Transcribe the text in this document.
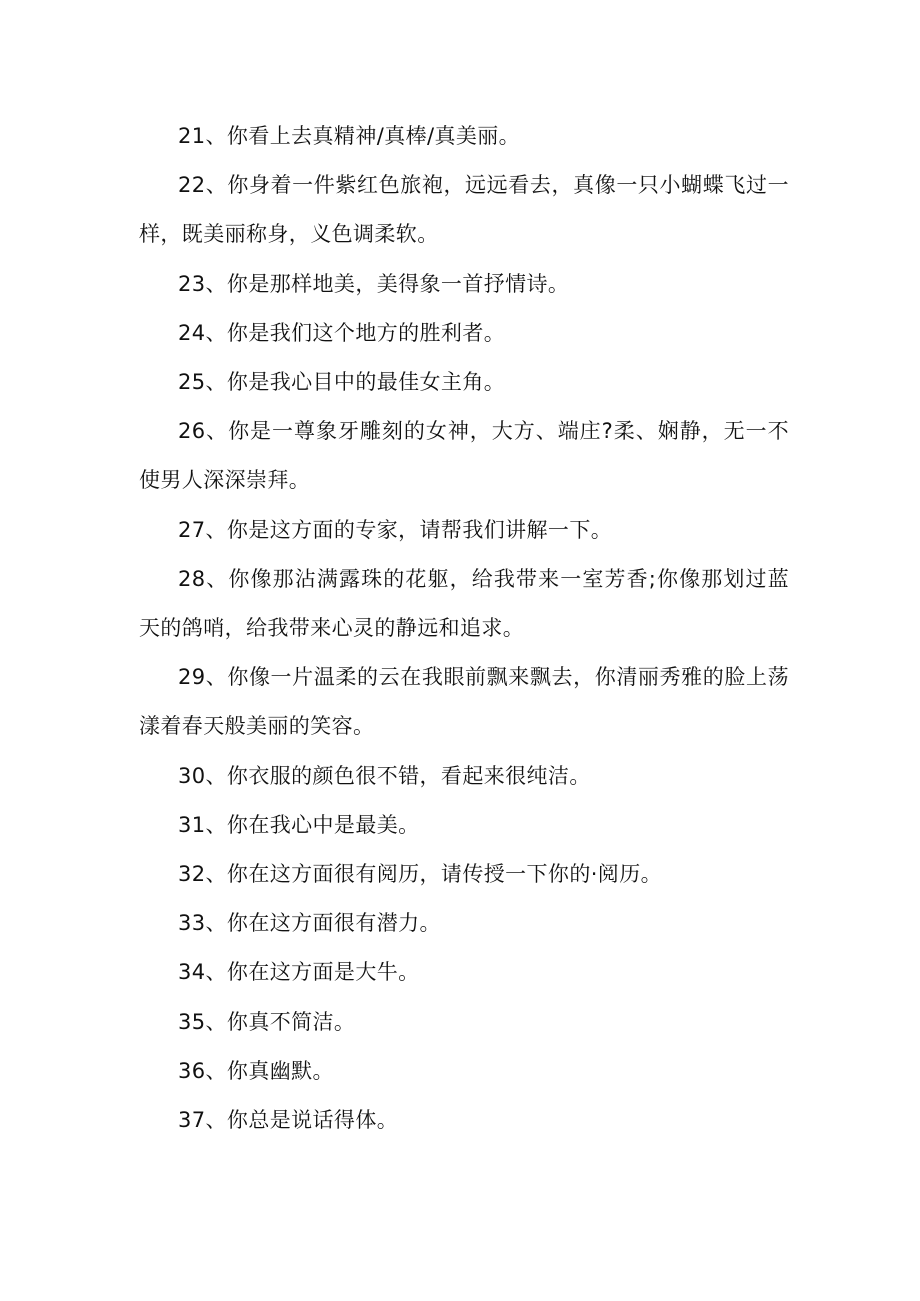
21、你看上去真精神/真棒/真美丽。

22、你身着一件紫红色旅袍，远远看去，真像一只小蝴蝶飞过一样，既美丽称身，义色调柔软。

23、你是那样地美，美得象一首抒情诗。

24、你是我们这个地方的胜利者。

25、你是我心目中的最佳女主角。

26、你是一尊象牙雕刻的女神，大方、端庄?柔、娴静，无一不使男人深深崇拜。

27、你是这方面的专家，请帮我们讲解一下。

28、你像那沾满露珠的花躯，给我带来一室芳香;你像那划过蓝天的鸽哨，给我带来心灵的静远和追求。

29、你像一片温柔的云在我眼前飘来飘去，你清丽秀雅的脸上荡漾着春天般美丽的笑容。

30、你衣服的颜色很不错，看起来很纯洁。

31、你在我心中是最美。

32、你在这方面很有阅历，请传授一下你的·阅历。

33、你在这方面很有潜力。

34、你在这方面是大牛。

35、你真不简洁。

36、你真幽默。

37、你总是说话得体。
